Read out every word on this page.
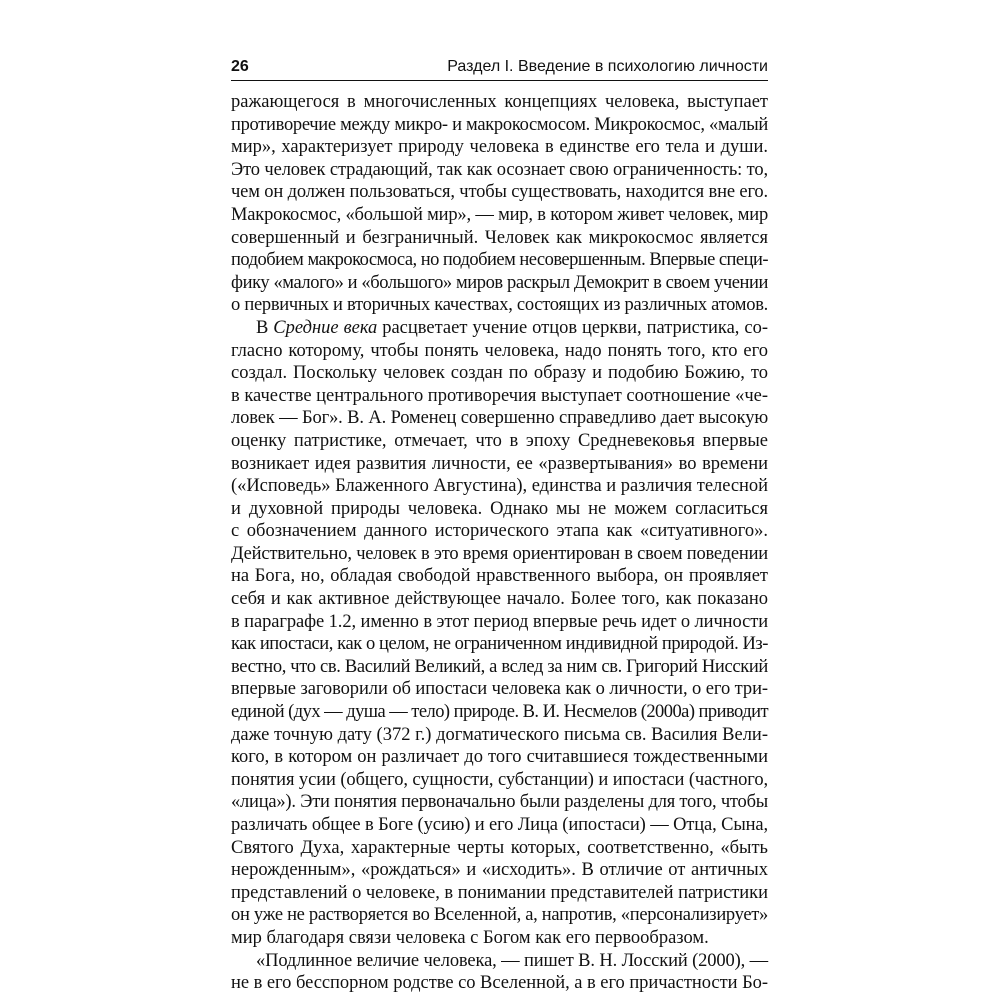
26	Раздел I. Введение в психологию личности
ражающегося в многочисленных концепциях человека, выступает
противоречие между микро- и макрокосмосом. Микрокосмос, «малый
мир», характеризует природу человека в единстве его тела и души.
Это человек страдающий, так как осознает свою ограниченность: то,
чем он должен пользоваться, чтобы существовать, находится вне его.
Макрокосмос, «большой мир», — мир, в котором живет человек, мир
совершенный и безграничный. Человек как микрокосмос является
подобием макрокосмоса, но подобием несовершенным. Впервые специ-
фику «малого» и «большого» миров раскрыл Демокрит в своем учении
о первичных и вторичных качествах, состоящих из различных атомов.
В Средние века расцветает учение отцов церкви, патристика, со-
гласно которому, чтобы понять человека, надо понять того, кто его
создал. Поскольку человек создан по образу и подобию Божию, то
в качестве центрального противоречия выступает соотношение «че-
ловек — Бог». В. А. Роменец совершенно справедливо дает высокую
оценку патристике, отмечает, что в эпоху Средневековья впервые
возникает идея развития личности, ее «развертывания» во времени
(«Исповедь» Блаженного Августина), единства и различия телесной
и духовной природы человека. Однако мы не можем согласиться
с обозначением данного исторического этапа как «ситуативного».
Действительно, человек в это время ориентирован в своем поведении
на Бога, но, обладая свободой нравственного выбора, он проявляет
себя и как активное действующее начало. Более того, как показано
в параграфе 1.2, именно в этот период впервые речь идет о личности
как ипостаси, как о целом, не ограниченном индивидной природой. Из-
вестно, что св. Василий Великий, а вслед за ним св. Григорий Нисский
впервые заговорили об ипостаси человека как о личности, о его три-
единой (дух — душа — тело) природе. В. И. Несмелов (2000а) приводит
даже точную дату (372 г.) догматического письма св. Василия Вели-
кого, в котором он различает до того считавшиеся тождественными
понятия усии (общего, сущности, субстанции) и ипостаси (частного,
«лица»). Эти понятия первоначально были разделены для того, чтобы
различать общее в Боге (усию) и его Лица (ипостаси) — Отца, Сына,
Святого Духа, характерные черты которых, соответственно, «быть
нерожденным», «рождаться» и «исходить». В отличие от античных
представлений о человеке, в понимании представителей патристики
он уже не растворяется во Вселенной, а, напротив, «персонализирует»
мир благодаря связи человека с Богом как его первообразом.
«Подлинное величие человека, — пишет В. Н. Лосский (2000), —
не в его бесспорном родстве со Вселенной, а в его причастности Бо-
